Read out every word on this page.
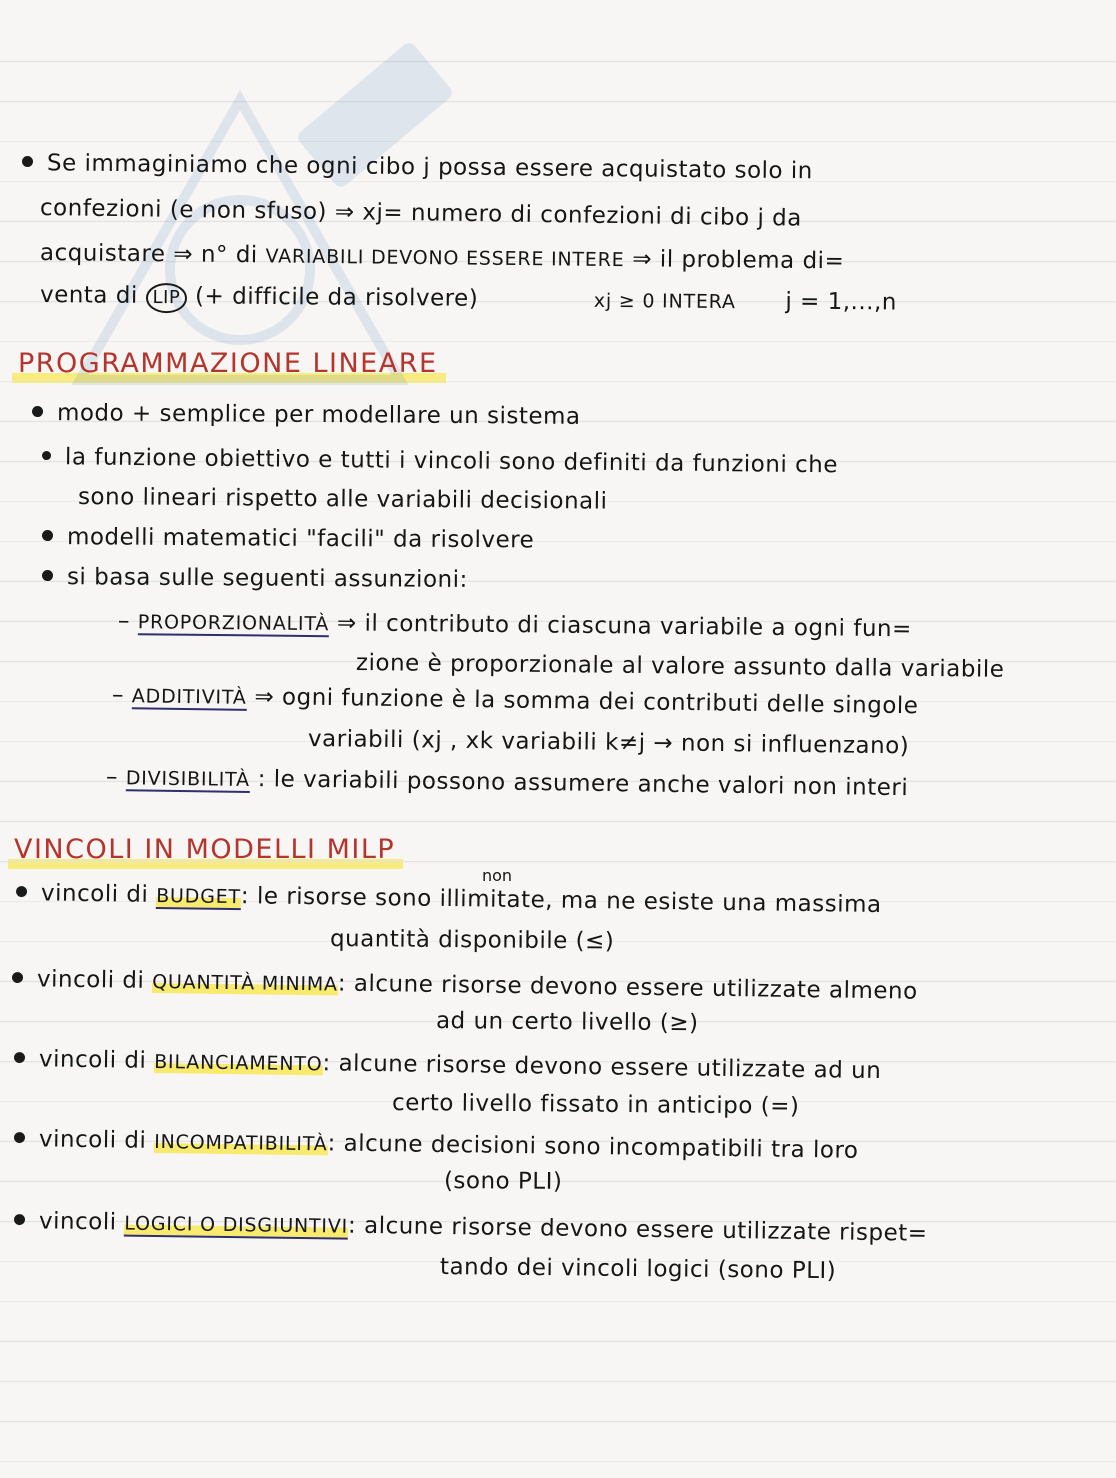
Se immaginiamo che ogni cibo j possa essere acquistato solo in
confezioni (e non sfuso) ⇒ xj= numero di confezioni di cibo j da
acquistare ⇒ n° di VARIABILI DEVONO ESSERE INTERE ⇒ il problema di=
venta di LIP (+ difficile da risolvere)	xj ≥ 0 INTERA j = 1,...,n
PROGRAMMAZIONE LINEARE
modo + semplice per modellare un sistema
la funzione obiettivo e tutti i vincoli sono definiti da funzioni che
sono lineari rispetto alle variabili decisionali
modelli matematici "facili" da risolvere
si basa sulle seguenti assunzioni:
– PROPORZIONALITÀ ⇒ il contributo di ciascuna variabile a ogni fun=
zione è proporzionale al valore assunto dalla variabile
– ADDITIVITÀ ⇒ ogni funzione è la somma dei contributi delle singole
variabili (xj , xk variabili k≠j → non si influenzano)
– DIVISIBILITÀ : le variabili possono assumere anche valori non interi
VINCOLI IN MODELLI MILP
non
vincoli di BUDGET: le risorse sono illimitate, ma ne esiste una massima
quantità disponibile (≤)
vincoli di QUANTITÀ MINIMA: alcune risorse devono essere utilizzate almeno
ad un certo livello (≥)
vincoli di BILANCIAMENTO: alcune risorse devono essere utilizzate ad un
certo livello fissato in anticipo (=)
vincoli di INCOMPATIBILITÀ: alcune decisioni sono incompatibili tra loro
(sono PLI)
vincoli LOGICI O DISGIUNTIVI: alcune risorse devono essere utilizzate rispet=
tando dei vincoli logici (sono PLI)
